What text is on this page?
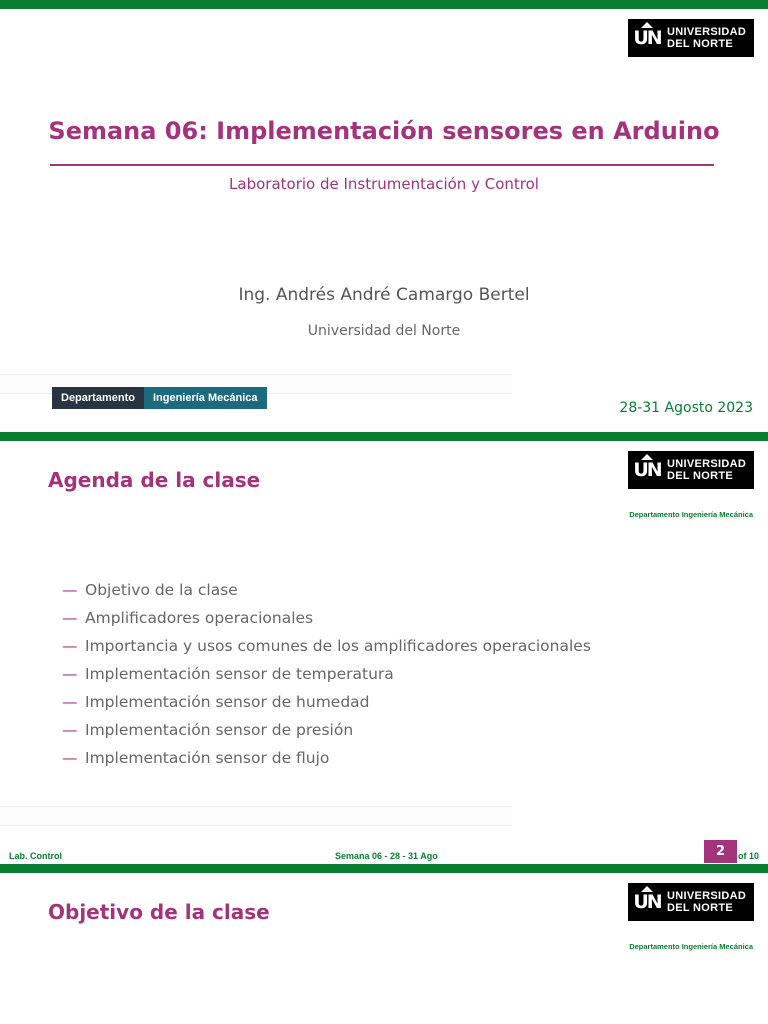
UN UNIVERSIDAD
DEL NORTE
Semana 06: Implementación sensores en Arduino
Laboratorio de Instrumentación y Control
Ing. Andrés André Camargo Bertel
Universidad del Norte
Departamento	Ingeniería Mecánica
28-31 Agosto 2023
UN UNIVERSIDAD
DEL NORTE
Agenda de la clase
Departamento Ingeniería Mecánica
— Objetivo de la clase
— Amplificadores operacionales
— Importancia y usos comunes de los amplificadores operacionales
— Implementación sensor de temperatura
— Implementación sensor de humedad
— Implementación sensor de presión
— Implementación sensor de flujo
Lab. Control	Semana 06 - 28 - 31 Ago	2	of 10
UN UNIVERSIDAD
DEL NORTE
Objetivo de la clase
Departamento Ingeniería Mecánica
